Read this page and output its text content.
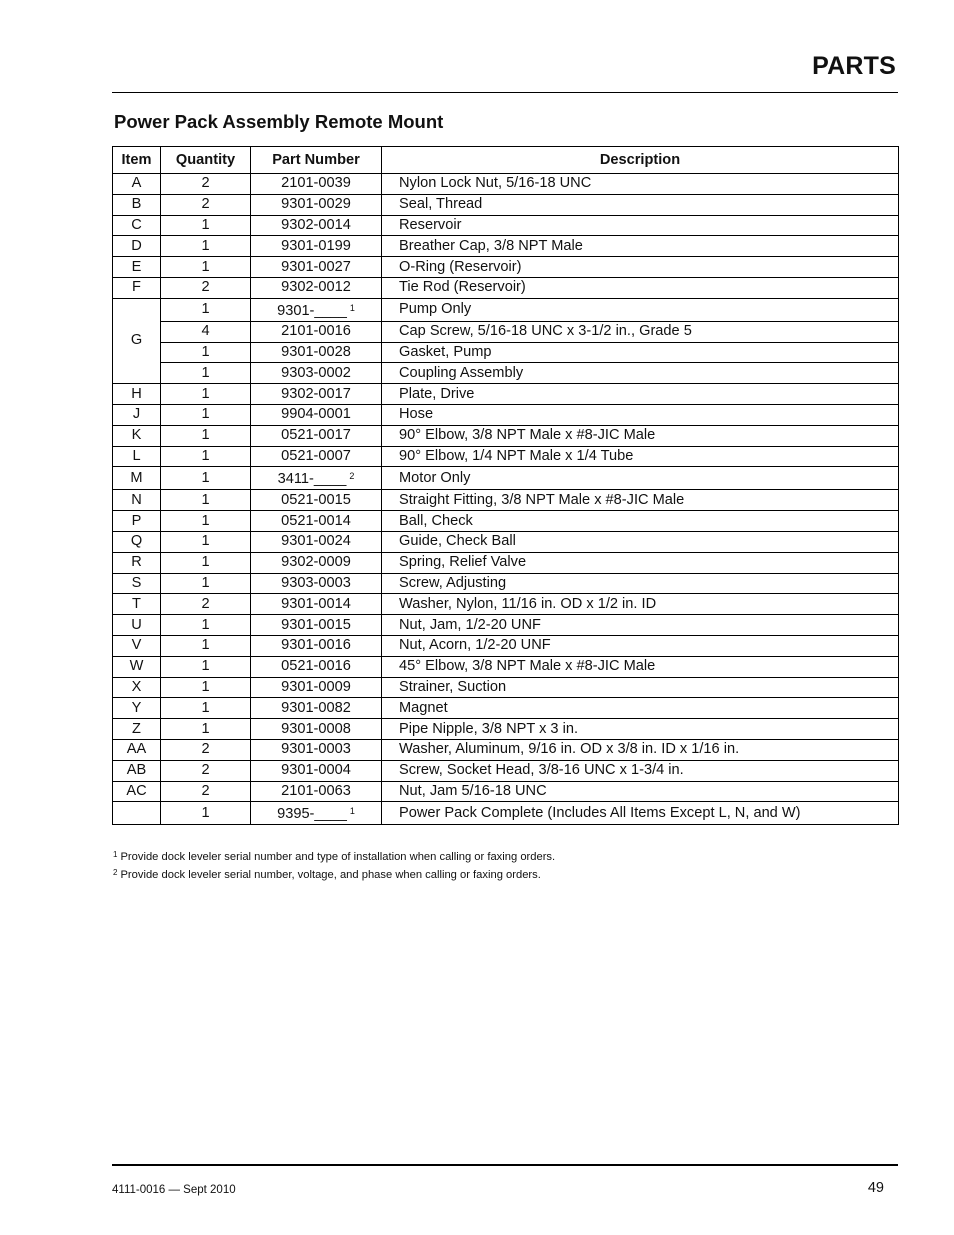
PARTS
Power Pack Assembly Remote Mount
Item	Quantity	Part Number	Description
A	2	2101-0039	Nylon Lock Nut, 5/16-18 UNC
B	2	9301-0029	Seal, Thread
C	1	9302-0014	Reservoir
D	1	9301-0199	Breather Cap, 3/8 NPT Male
E	1	9301-0027	O-Ring (Reservoir)
F	2	9302-0012	Tie Rod (Reservoir)
G	1	9301-____ $^1$	Pump Only
	4	2101-0016	Cap Screw, 5/16-18 UNC x 3-1/2 in., Grade 5
	1	9301-0028	Gasket, Pump
	1	9303-0002	Coupling Assembly
H	1	9302-0017	Plate, Drive
J	1	9904-0001	Hose
K	1	0521-0017	90° Elbow, 3/8 NPT Male x #8-JIC Male
L	1	0521-0007	90° Elbow, 1/4 NPT Male x 1/4 Tube
M	1	3411-____ $^2$	Motor Only
N	1	0521-0015	Straight Fitting, 3/8 NPT Male x #8-JIC Male
P	1	0521-0014	Ball, Check
Q	1	9301-0024	Guide, Check Ball
R	1	9302-0009	Spring, Relief Valve
S	1	9303-0003	Screw, Adjusting
T	2	9301-0014	Washer, Nylon, 11/16 in. OD x 1/2 in. ID
U	1	9301-0015	Nut, Jam, 1/2-20 UNF
V	1	9301-0016	Nut, Acorn, 1/2-20 UNF
W	1	0521-0016	45° Elbow, 3/8 NPT Male x #8-JIC Male
X	1	9301-0009	Strainer, Suction
Y	1	9301-0082	Magnet
Z	1	9301-0008	Pipe Nipple, 3/8 NPT x 3 in.
AA	2	9301-0003	Washer, Aluminum, 9/16 in. OD x 3/8 in. ID x 1/16 in.
AB	2	9301-0004	Screw, Socket Head, 3/8-16 UNC x 1-3/4 in.
AC	2	2101-0063	Nut, Jam 5/16-18 UNC
	1	9395-____ $^1$	Power Pack Complete (Includes All Items Except L, N, and W)
$^1$ Provide dock leveler serial number and type of installation when calling or faxing orders.
$^2$ Provide dock leveler serial number, voltage, and phase when calling or faxing orders.
4111-0016 — Sept 2010	49
